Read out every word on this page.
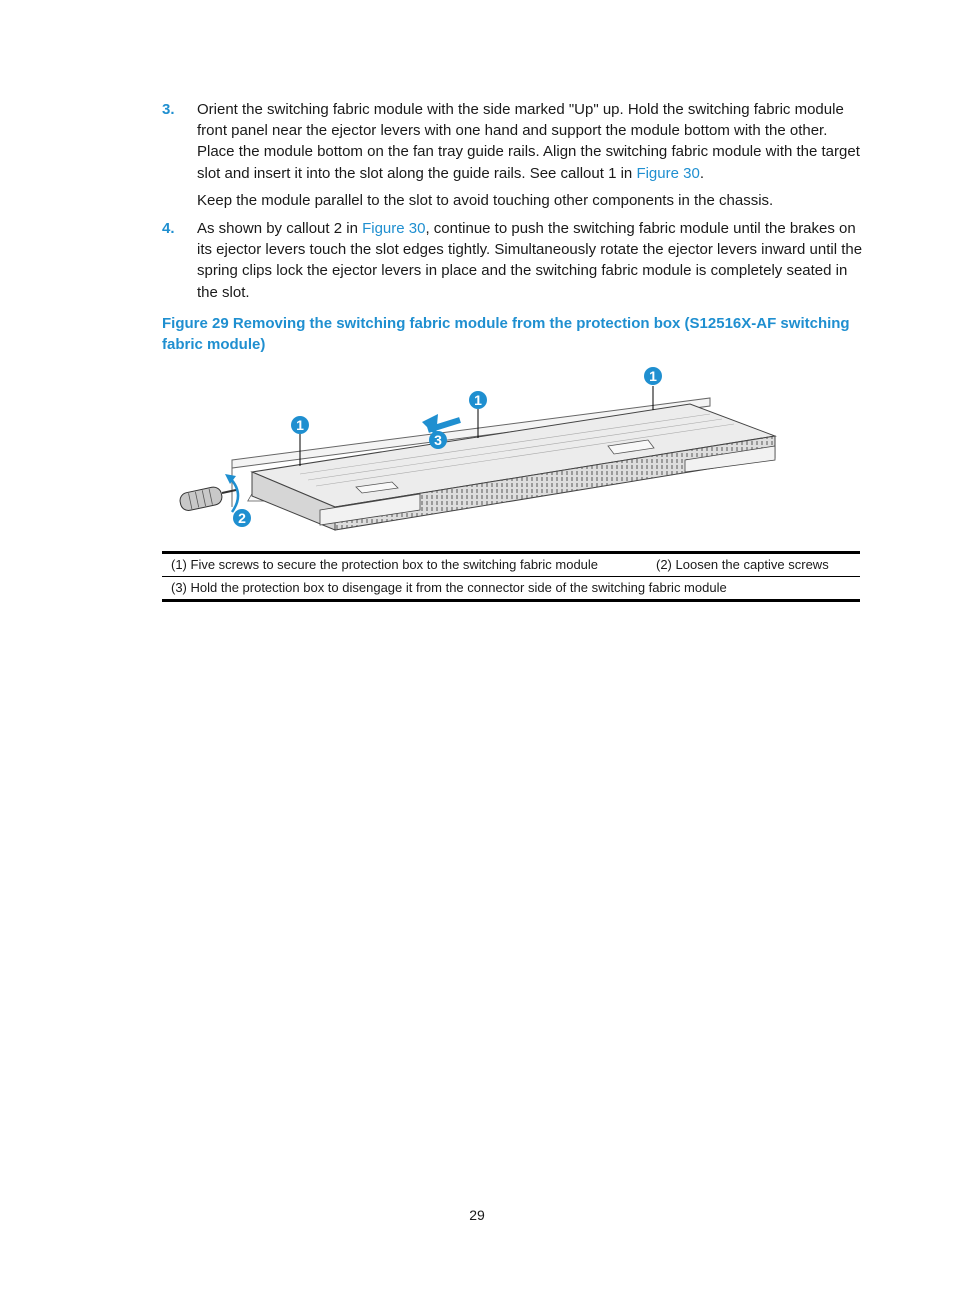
3. Orient the switching fabric module with the side marked "Up" up. Hold the switching fabric module front panel near the ejector levers with one hand and support the module bottom with the other. Place the module bottom on the fan tray guide rails. Align the switching fabric module with the target slot and insert it into the slot along the guide rails. See callout 1 in Figure 30.
Keep the module parallel to the slot to avoid touching other components in the chassis.
4. As shown by callout 2 in Figure 30, continue to push the switching fabric module until the brakes on its ejector levers touch the slot edges tightly. Simultaneously rotate the ejector levers inward until the spring clips lock the ejector levers in place and the switching fabric module is completely seated in the slot.
Figure 29 Removing the switching fabric module from the protection box (S12516X-AF switching fabric module)
1
1
1
2
3
(1) Five screws to secure the protection box to the switching fabric module	(2) Loosen the captive screws
(3) Hold the protection box to disengage it from the connector side of the switching fabric module
29
